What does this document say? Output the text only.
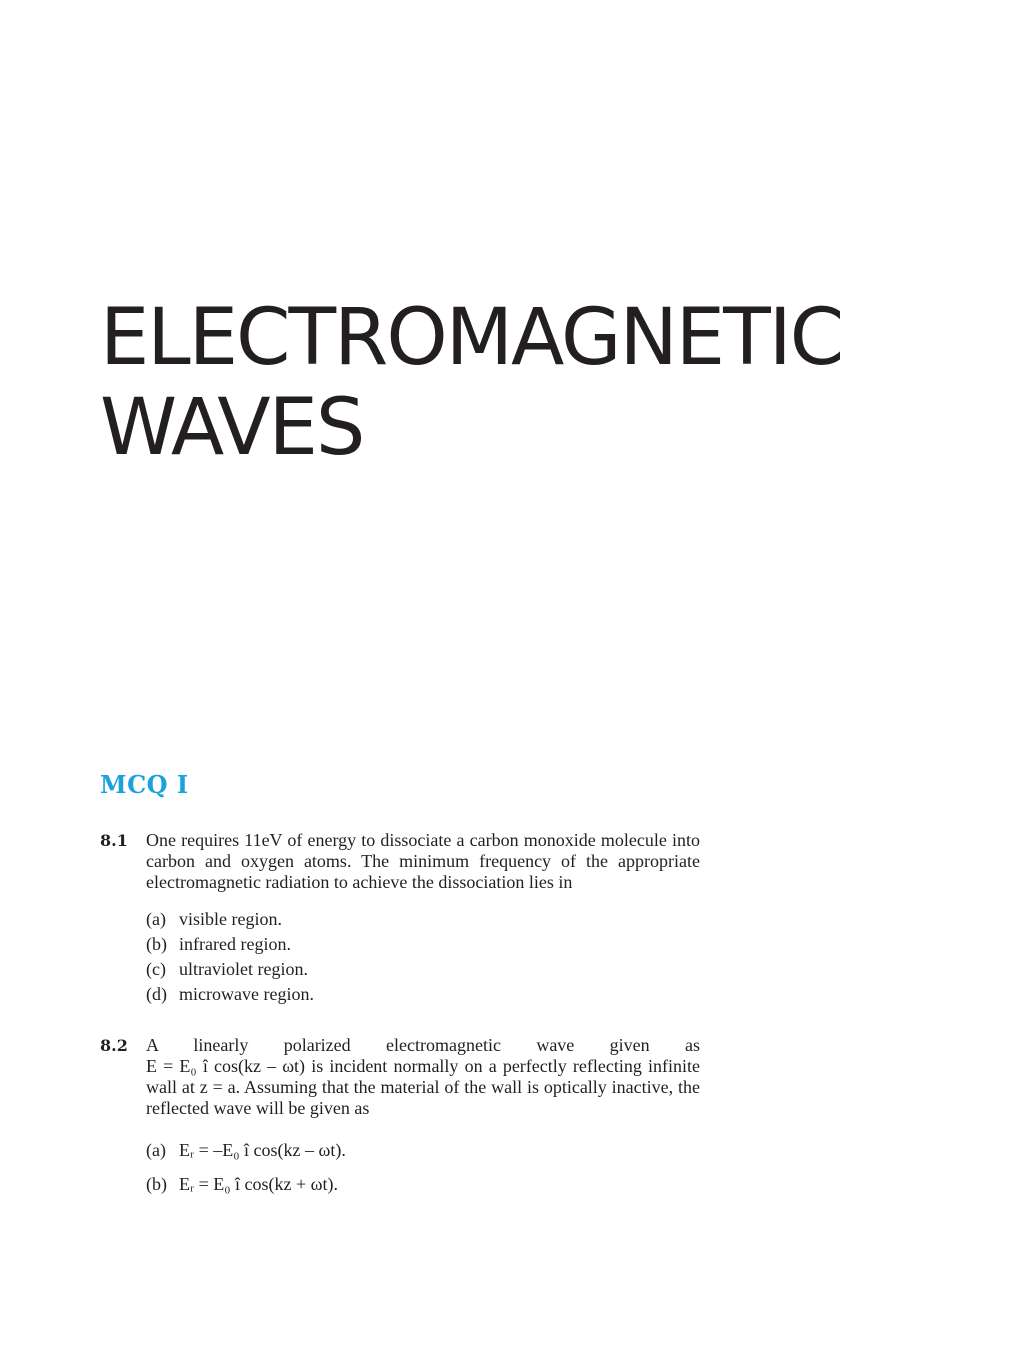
ELECTROMAGNETIC
WAVES
MCQ I
8.1 One requires 11eV of energy to dissociate a carbon monoxide molecule into carbon and oxygen atoms. The minimum frequency of the appropriate electromagnetic radiation to achieve the dissociation lies in
(a) visible region.
(b) infrared region.
(c) ultraviolet region.
(d) microwave region.
8.2 A linearly polarized electromagnetic wave given as
E = E₀ î cos(kz – ωt) is incident normally on a perfectly reflecting infinite wall at z = a. Assuming that the material of the wall is optically inactive, the reflected wave will be given as
(a) Eᵣ = –E₀ î cos(kz – ωt).
(b) Eᵣ = E₀ î cos(kz + ωt).
